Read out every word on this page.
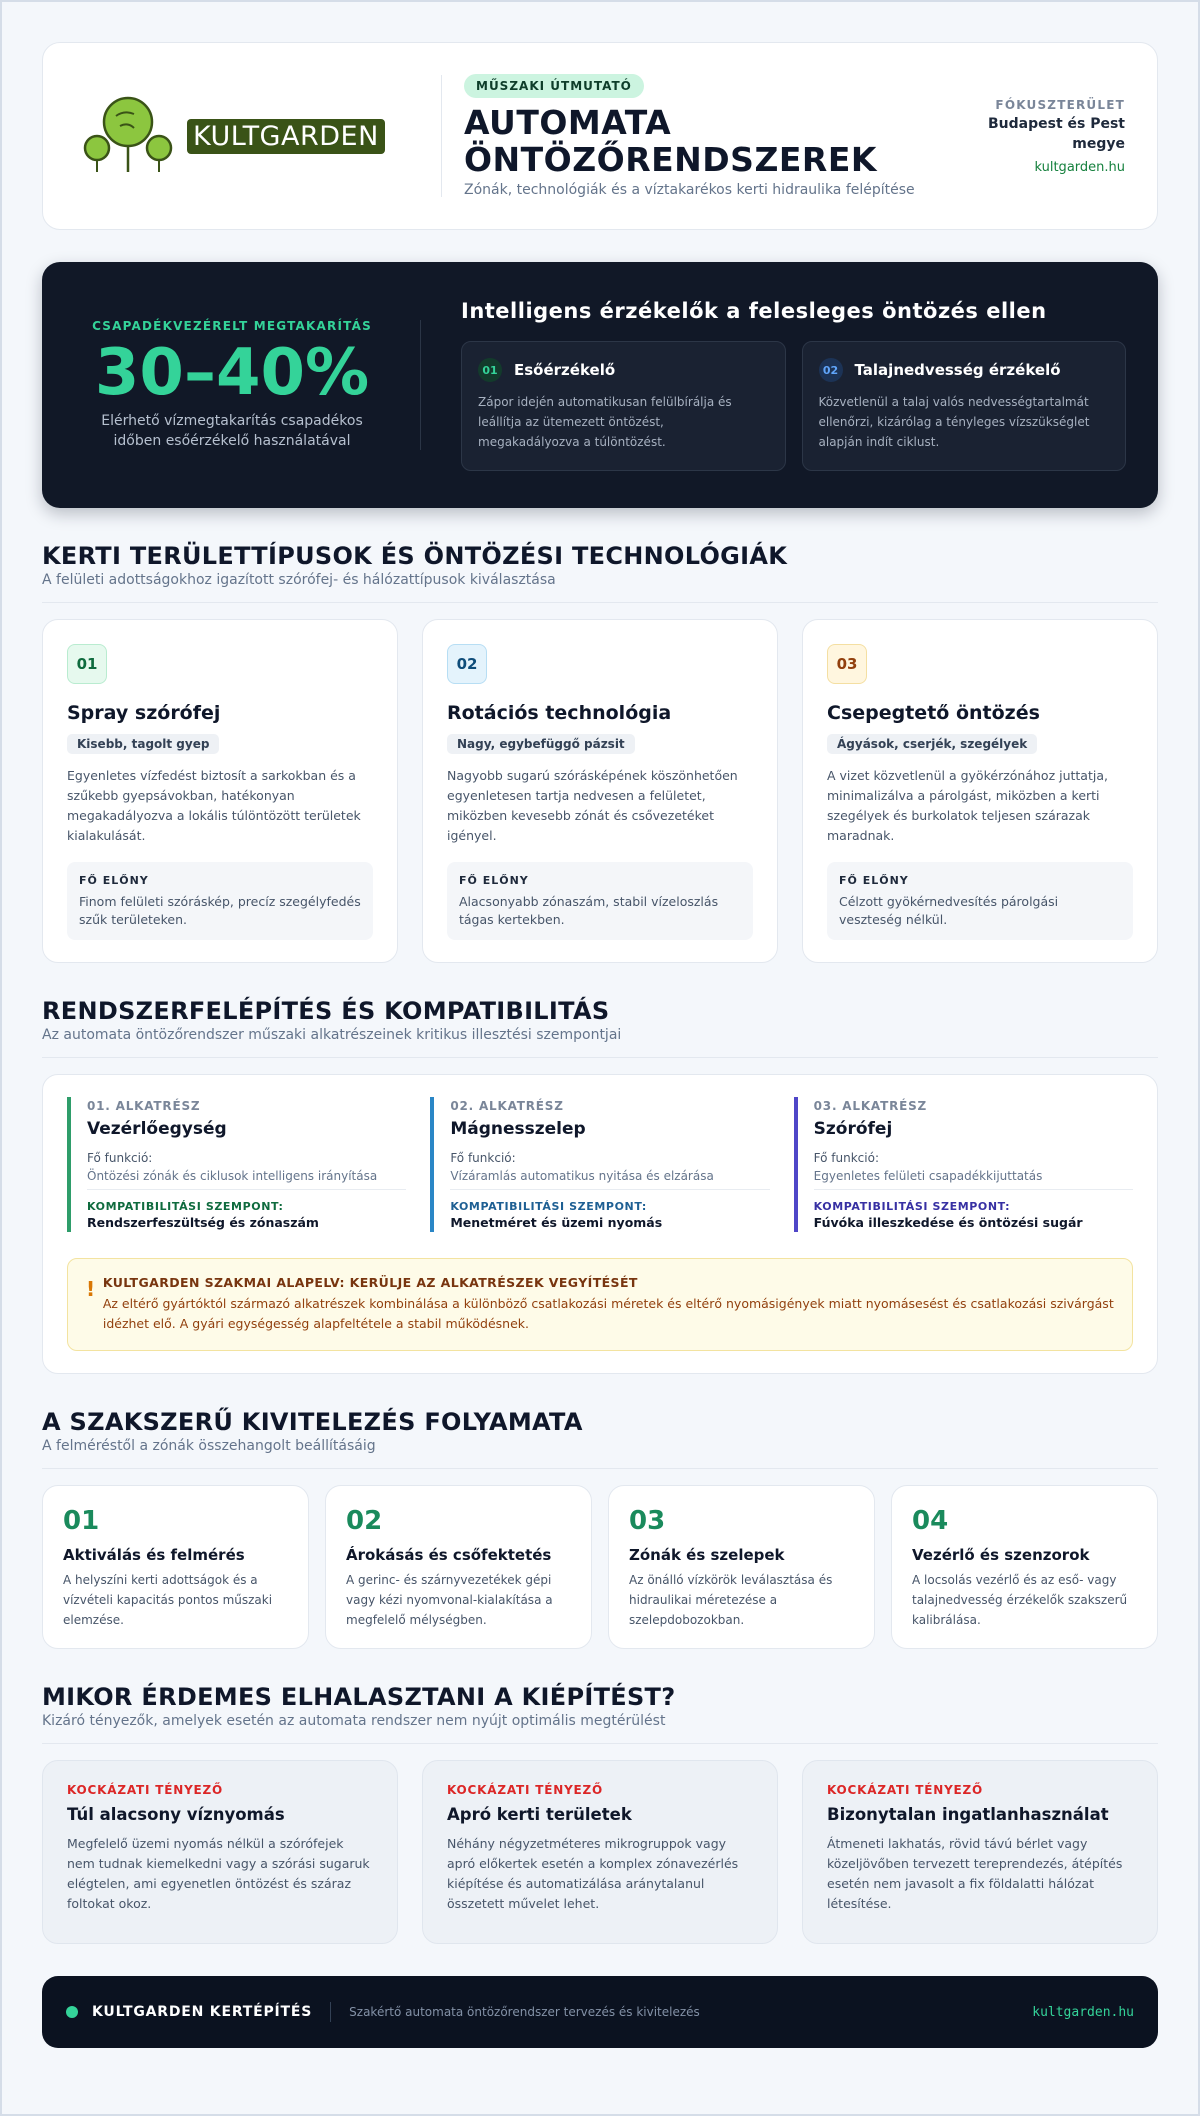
KULTGARDEN
MŰSZAKI ÚTMUTATÓ
AUTOMATA ÖNTÖZŐRENDSZEREK
Zónák, technológiák és a víztakarékos kerti hidraulika felépítése
FÓKUSZTERÜLET
Budapest és Pest megye
kultgarden.hu
CSAPADÉKVEZÉRELT MEGTAKARÍTÁS
30–40%
Elérhető vízmegtakarítás csapadékos időben esőérzékelő használatával
Intelligens érzékelők a felesleges öntözés ellen
01 Esőérzékelő
Zápor idején automatikusan felülbírálja és leállítja az ütemezett öntözést, megakadályozva a túlöntözést.
02 Talajnedvesség érzékelő
Közvetlenül a talaj valós nedvességtartalmát ellenőrzi, kizárólag a tényleges vízszükséglet alapján indít ciklust.
KERTI TERÜLETTÍPUSOK ÉS ÖNTÖZÉSI TECHNOLÓGIÁK
A felületi adottságokhoz igazított szórófej- és hálózattípusok kiválasztása
01
Spray szórófej
Kisebb, tagolt gyep
Egyenletes vízfedést biztosít a sarkokban és a szűkebb gyepsávokban, hatékonyan megakadályozva a lokális túlöntözött területek kialakulását.
FŐ ELŐNY
Finom felületi szóráskép, precíz szegélyfedés szűk területeken.
02
Rotációs technológia
Nagy, egybefüggő pázsit
Nagyobb sugarú szórásképének köszönhetően egyenletesen tartja nedvesen a felületet, miközben kevesebb zónát és csővezetéket igényel.
FŐ ELŐNY
Alacsonyabb zónaszám, stabil vízeloszlás tágas kertekben.
03
Csepegtető öntözés
Ágyások, cserjék, szegélyek
A vizet közvetlenül a gyökérzónához juttatja, minimalizálva a párolgást, miközben a kerti szegélyek és burkolatok teljesen szárazak maradnak.
FŐ ELŐNY
Célzott gyökérnedvesítés párolgási veszteség nélkül.
RENDSZERFELÉPÍTÉS ÉS KOMPATIBILITÁS
Az automata öntözőrendszer műszaki alkatrészeinek kritikus illesztési szempontjai
01. ALKATRÉSZ
Vezérlőegység
Fő funkció:
Öntözési zónák és ciklusok intelligens irányítása
KOMPATIBILITÁSI SZEMPONT:
Rendszerfeszültség és zónaszám
02. ALKATRÉSZ
Mágnesszelep
Fő funkció:
Vízáramlás automatikus nyitása és elzárása
KOMPATIBILITÁSI SZEMPONT:
Menetméret és üzemi nyomás
03. ALKATRÉSZ
Szórófej
Fő funkció:
Egyenletes felületi csapadékkijuttatás
KOMPATIBILITÁSI SZEMPONT:
Fúvóka illeszkedése és öntözési sugár
! KULTGARDEN SZAKMAI ALAPELV: KERÜLJE AZ ALKATRÉSZEK VEGYÍTÉSÉT
Az eltérő gyártóktól származó alkatrészek kombinálása a különböző csatlakozási méretek és eltérő nyomásigények miatt nyomásesést és csatlakozási szivárgást idézhet elő. A gyári egységesség alapfeltétele a stabil működésnek.
A SZAKSZERŰ KIVITELEZÉS FOLYAMATA
A felméréstől a zónák összehangolt beállításáig
01
Aktiválás és felmérés
A helyszíni kerti adottságok és a vízvételi kapacitás pontos műszaki elemzése.
02
Árokásás és csőfektetés
A gerinc- és szárnyvezetékek gépi vagy kézi nyomvonal-kialakítása a megfelelő mélységben.
03
Zónák és szelepek
Az önálló vízkörök leválasztása és hidraulikai méretezése a szelepdobozokban.
04
Vezérlő és szenzorok
A locsolás vezérlő és az eső- vagy talajnedvesség érzékelők szakszerű kalibrálása.
MIKOR ÉRDEMES ELHALASZTANI A KIÉPÍTÉST?
Kizáró tényezők, amelyek esetén az automata rendszer nem nyújt optimális megtérülést
KOCKÁZATI TÉNYEZŐ
Túl alacsony víznyomás
Megfelelő üzemi nyomás nélkül a szórófejek nem tudnak kiemelkedni vagy a szórási sugaruk elégtelen, ami egyenetlen öntözést és száraz foltokat okoz.
KOCKÁZATI TÉNYEZŐ
Apró kerti területek
Néhány négyzetméteres mikrogruppok vagy apró előkertek esetén a komplex zónavezérlés kiépítése és automatizálása aránytalanul összetett művelet lehet.
KOCKÁZATI TÉNYEZŐ
Bizonytalan ingatlanhasználat
Átmeneti lakhatás, rövid távú bérlet vagy közeljövőben tervezett tereprendezés, átépítés esetén nem javasolt a fix földalatti hálózat létesítése.
KULTGARDEN KERTÉPÍTÉS	Szakértő automata öntözőrendszer tervezés és kivitelezés	kultgarden.hu
